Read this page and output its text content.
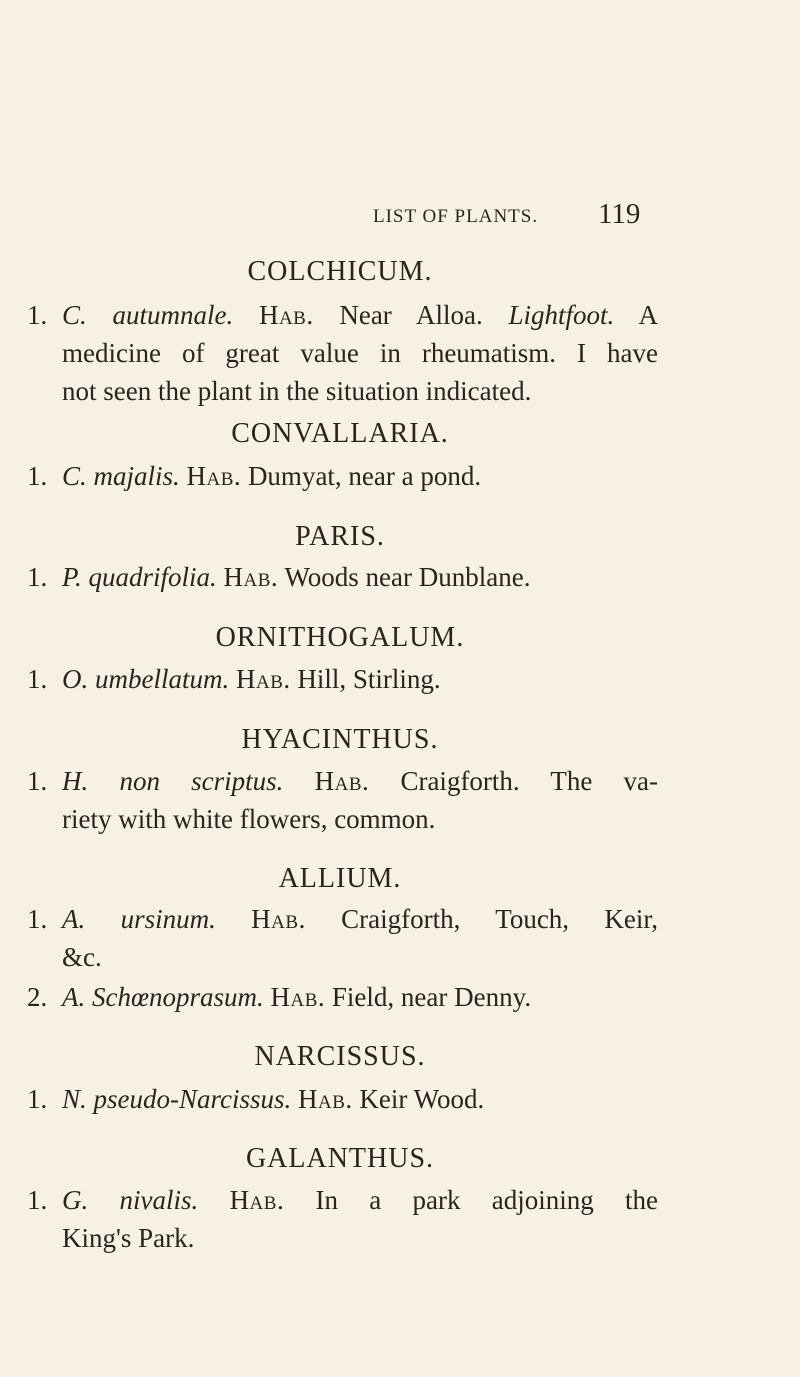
LIST OF PLANTS. 119
COLCHICUM.
1. C. autumnale. Hab. Near Alloa. Lightfoot. A
medicine of great value in rheumatism. I have
not seen the plant in the situation indicated.
CONVALLARIA.
1. C. majalis. Hab. Dumyat, near a pond.
PARIS.
1. P. quadrifolia. Hab. Woods near Dunblane.
ORNITHOGALUM.
1. O. umbellatum. Hab. Hill, Stirling.
HYACINTHUS.
1. H. non scriptus. Hab. Craigforth. The va-
riety with white flowers, common.
ALLIUM.
1. A. ursinum. Hab. Craigforth, Touch, Keir,
&c.
2. A. Schœnoprasum. Hab. Field, near Denny.
NARCISSUS.
1. N. pseudo-Narcissus. Hab. Keir Wood.
GALANTHUS.
1. G. nivalis. Hab. In a park adjoining the
King's Park.
